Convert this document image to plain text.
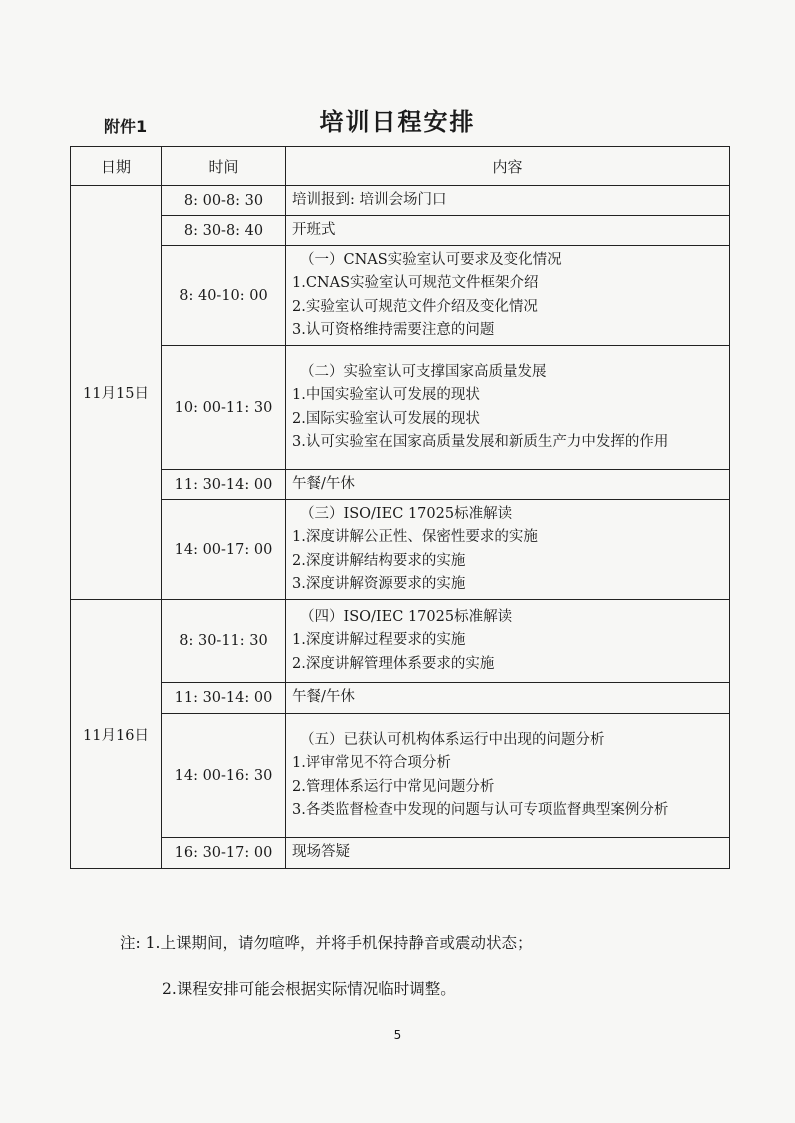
附件1	培训日程安排
日期	时间	内容
11月15日	8: 00-8: 30	培训报到: 培训会场门口

	8: 30-8: 40	开班式

	8: 40-10: 00	（一）CNAS实验室认可要求及变化情况
1.CNAS实验室认可规范文件框架介绍
2.实验室认可规范文件介绍及变化情况
3.认可资格维持需要注意的问题

	10: 00-11: 30	（二）实验室认可支撑国家高质量发展
1.中国实验室认可发展的现状
2.国际实验室认可发展的现状
3.认可实验室在国家高质量发展和新质生产力中发挥的作用

	11: 30-14: 00	午餐/午休

	14: 00-17: 00	（三）ISO/IEC 17025标准解读
1.深度讲解公正性、保密性要求的实施
2.深度讲解结构要求的实施
3.深度讲解资源要求的实施

11月16日	8: 30-11: 30	（四）ISO/IEC 17025标准解读
1.深度讲解过程要求的实施
2.深度讲解管理体系要求的实施

	11: 30-14: 00	午餐/午休

	14: 00-16: 30	（五）已获认可机构体系运行中出现的问题分析
1.评审常见不符合项分析
2.管理体系运行中常见问题分析
3.各类监督检查中发现的问题与认可专项监督典型案例分析

	16: 30-17: 00	现场答疑
注: 1.上课期间，请勿喧哗，并将手机保持静音或震动状态；
2.课程安排可能会根据实际情况临时调整。
5
